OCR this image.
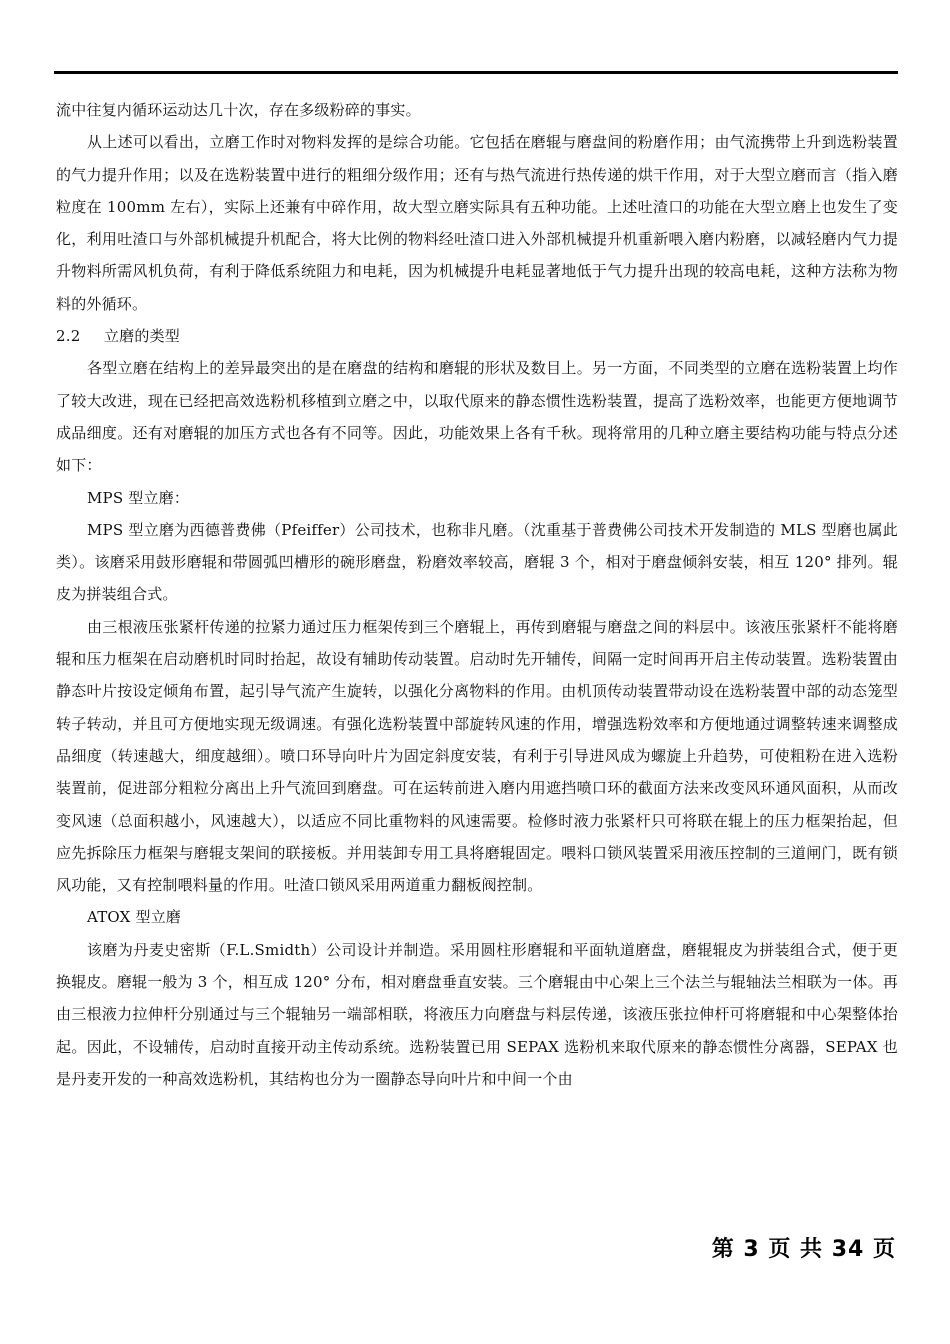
流中往复内循环运动达几十次，存在多级粉碎的事实。

从上述可以看出，立磨工作时对物料发挥的是综合功能。它包括在磨辊与磨盘间的粉磨作用；由气流携带上升到选粉装置的气力提升作用；以及在选粉装置中进行的粗细分级作用；还有与热气流进行热传递的烘干作用，对于大型立磨而言（指入磨粒度在 100mm 左右），实际上还兼有中碎作用，故大型立磨实际具有五种功能。上述吐渣口的功能在大型立磨上也发生了变化，利用吐渣口与外部机械提升机配合，将大比例的物料经吐渣口进入外部机械提升机重新喂入磨内粉磨，以减轻磨内气力提升物料所需风机负荷，有利于降低系统阻力和电耗，因为机械提升电耗显著地低于气力提升出现的较高电耗，这种方法称为物料的外循环。

2.2 立磨的类型

各型立磨在结构上的差异最突出的是在磨盘的结构和磨辊的形状及数目上。另一方面，不同类型的立磨在选粉装置上均作了较大改进，现在已经把高效选粉机移植到立磨之中，以取代原来的静态惯性选粉装置，提高了选粉效率，也能更方便地调节成品细度。还有对磨辊的加压方式也各有不同等。因此，功能效果上各有千秋。现将常用的几种立磨主要结构功能与特点分述如下：

MPS 型立磨：

MPS 型立磨为西德普费佛（Pfeiffer）公司技术，也称非凡磨。（沈重基于普费佛公司技术开发制造的 MLS 型磨也属此类）。该磨采用鼓形磨辊和带圆弧凹槽形的碗形磨盘，粉磨效率较高，磨辊 3 个，相对于磨盘倾斜安装，相互 120° 排列。辊皮为拼装组合式。

由三根液压张紧杆传递的拉紧力通过压力框架传到三个磨辊上，再传到磨辊与磨盘之间的料层中。该液压张紧杆不能将磨辊和压力框架在启动磨机时同时抬起，故设有辅助传动装置。启动时先开辅传，间隔一定时间再开启主传动装置。选粉装置由静态叶片按设定倾角布置，起引导气流产生旋转，以强化分离物料的作用。由机顶传动装置带动设在选粉装置中部的动态笼型转子转动，并且可方便地实现无级调速。有强化选粉装置中部旋转风速的作用，增强选粉效率和方便地通过调整转速来调整成品细度（转速越大，细度越细）。喷口环导向叶片为固定斜度安装，有利于引导进风成为螺旋上升趋势，可使粗粉在进入选粉装置前，促进部分粗粒分离出上升气流回到磨盘。可在运转前进入磨内用遮挡喷口环的截面方法来改变风环通风面积，从而改变风速（总面积越小，风速越大），以适应不同比重物料的风速需要。检修时液力张紧杆只可将联在辊上的压力框架抬起，但应先拆除压力框架与磨辊支架间的联接板。并用装卸专用工具将磨辊固定。喂料口锁风装置采用液压控制的三道闸门，既有锁风功能，又有控制喂料量的作用。吐渣口锁风采用两道重力翻板阀控制。

ATOX 型立磨

该磨为丹麦史密斯（F.L.Smidth）公司设计并制造。采用圆柱形磨辊和平面轨道磨盘，磨辊辊皮为拼装组合式，便于更换辊皮。磨辊一般为 3 个，相互成 120° 分布，相对磨盘垂直安装。三个磨辊由中心架上三个法兰与辊轴法兰相联为一体。再由三根液力拉伸杆分别通过与三个辊轴另一端部相联，将液压力向磨盘与料层传递，该液压张拉伸杆可将磨辊和中心架整体抬起。因此，不设辅传，启动时直接开动主传动系统。选粉装置已用 SEPAX 选粉机来取代原来的静态惯性分离器，SEPAX 也是丹麦开发的一种高效选粉机，其结构也分为一圈静态导向叶片和中间一个由

第 3 页 共 34 页
